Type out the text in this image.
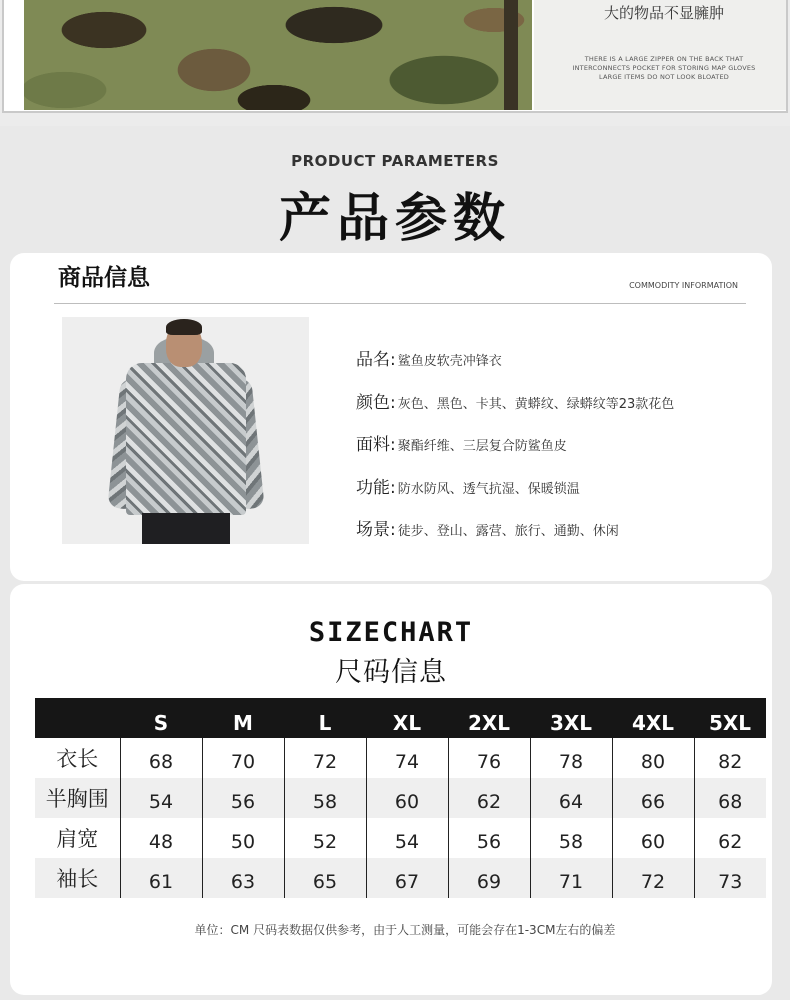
大的物品不显臃肿
THERE IS A LARGE ZIPPER ON THE BACK THAT
INTERCONNECTS POCKET FOR STORING MAP GLOVES
LARGE ITEMS DO NOT LOOK BLOATED
PRODUCT PARAMETERS
产品参数
商品信息	COMMODITY INFORMATION
品名: 鲨鱼皮软壳冲锋衣
颜色: 灰色、黑色、卡其、黄蟒纹、绿蟒纹等23款花色
面料: 聚酯纤维、三层复合防鲨鱼皮
功能: 防水防风、透气抗湿、保暖锁温
场景: 徒步、登山、露营、旅行、通勤、休闲
SIZECHART
尺码信息
单位：CM 尺码表数据仅供参考，由于人工测量，可能会存在1-3CM左右的偏差
	S	M	L	XL	2XL	3XL	4XL	5XL
衣长	68	70	72	74	76	78	80	82
半胸围	54	56	58	60	62	64	66	68
肩宽	48	50	52	54	56	58	60	62
袖长	61	63	65	67	69	71	72	73
